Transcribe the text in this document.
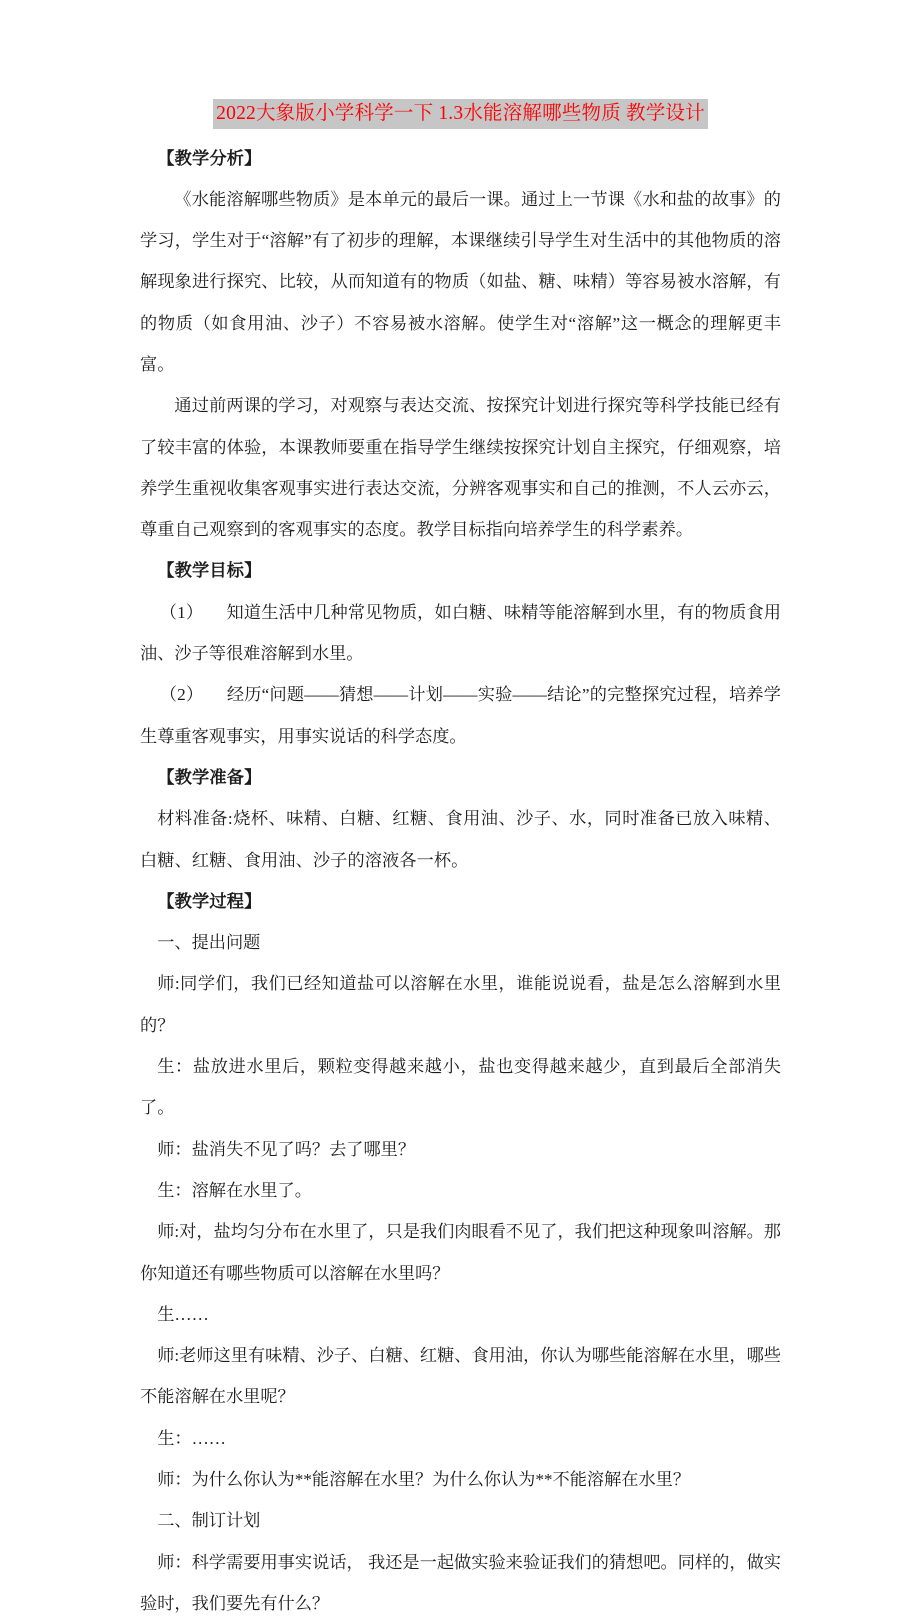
2022大象版小学科学一下 1.3水能溶解哪些物质 教学设计

【教学分析】

《水能溶解哪些物质》是本单元的最后一课。通过上一节课《水和盐的故事》的学习，学生对于“溶解”有了初步的理解，本课继续引导学生对生活中的其他物质的溶解现象进行探究、比较，从而知道有的物质（如盐、糖、味精）等容易被水溶解，有的物质（如食用油、沙子）不容易被水溶解。使学生对“溶解”这一概念的理解更丰富。

通过前两课的学习，对观察与表达交流、按探究计划进行探究等科学技能已经有了较丰富的体验，本课教师要重在指导学生继续按探究计划自主探究，仔细观察，培养学生重视收集客观事实进行表达交流，分辨客观事实和自己的推测，不人云亦云，尊重自己观察到的客观事实的态度。教学目标指向培养学生的科学素养。

【教学目标】

（1） 知道生活中几种常见物质，如白糖、味精等能溶解到水里，有的物质食用油、沙子等很难溶解到水里。

（2） 经历“问题——猜想——计划——实验——结论”的完整探究过程，培养学生尊重客观事实，用事实说话的科学态度。

【教学准备】

材料准备:烧杯、味精、白糖、红糖、食用油、沙子、水，同时准备已放入味精、白糖、红糖、食用油、沙子的溶液各一杯。

【教学过程】

一、提出问题

师:同学们，我们已经知道盐可以溶解在水里，谁能说说看，盐是怎么溶解到水里的？

生：盐放进水里后，颗粒变得越来越小，盐也变得越来越少，直到最后全部消失了。

师：盐消失不见了吗？去了哪里？

生：溶解在水里了。

师:对，盐均匀分布在水里了，只是我们肉眼看不见了，我们把这种现象叫溶解。那你知道还有哪些物质可以溶解在水里吗？

生……

师:老师这里有味精、沙子、白糖、红糖、食用油，你认为哪些能溶解在水里，哪些不能溶解在水里呢？

生：……

师：为什么你认为**能溶解在水里？为什么你认为**不能溶解在水里？

二、制订计划

师：科学需要用事实说话， 我还是一起做实验来验证我们的猜想吧。同样的，做实验时，我们要先有什么？
